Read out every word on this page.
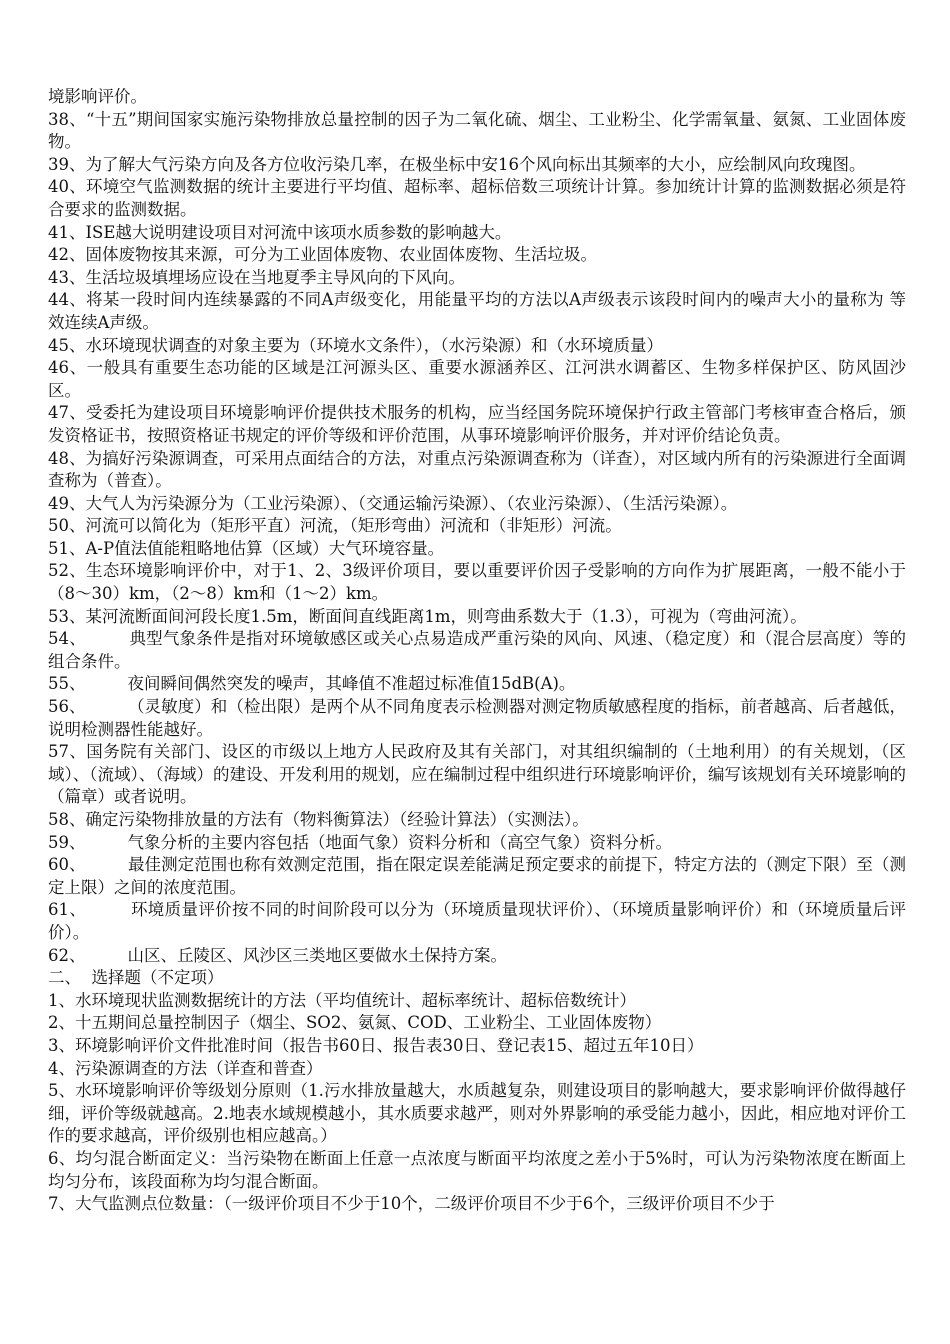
境影响评价。

38、“十五”期间国家实施污染物排放总量控制的因子为二氧化硫、烟尘、工业粉尘、化学需氧量、氨氮、工业固体废物。

39、为了解大气污染方向及各方位收污染几率，在极坐标中安16个风向标出其频率的大小，应绘制风向玫瑰图。

40、环境空气监测数据的统计主要进行平均值、超标率、超标倍数三项统计计算。参加统计计算的监测数据必须是符合要求的监测数据。

41、ISE越大说明建设项目对河流中该项水质参数的影响越大。

42、固体废物按其来源，可分为工业固体废物、农业固体废物、生活垃圾。

43、生活垃圾填埋场应设在当地夏季主导风向的下风向。

44、将某一段时间内连续暴露的不同A声级变化，用能量平均的方法以A声级表示该段时间内的噪声大小的量称为 等效连续A声级。

45、水环境现状调查的对象主要为（环境水文条件），（水污染源）和（水环境质量）

46、一般具有重要生态功能的区域是江河源头区、重要水源涵养区、江河洪水调蓄区、生物多样保护区、防风固沙区。

47、受委托为建设项目环境影响评价提供技术服务的机构，应当经国务院环境保护行政主管部门考核审查合格后，颁发资格证书，按照资格证书规定的评价等级和评价范围，从事环境影响评价服务，并对评价结论负责。

48、为搞好污染源调查，可采用点面结合的方法，对重点污染源调查称为（详查），对区域内所有的污染源进行全面调查称为（普查）。

49、大气人为污染源分为（工业污染源）、（交通运输污染源）、（农业污染源）、（生活污染源）。

50、河流可以简化为（矩形平直）河流，（矩形弯曲）河流和（非矩形）河流。

51、A-P值法值能粗略地估算（区域）大气环境容量。

52、生态环境影响评价中，对于1、2、3级评价项目，要以重要评价因子受影响的方向作为扩展距离，一般不能小于（8～30）km，（2～8）km和（1～2）km。

53、某河流断面间河段长度1.5m，断面间直线距离1m，则弯曲系数大于（1.3），可视为（弯曲河流）。

54、        典型气象条件是指对环境敏感区或关心点易造成严重污染的风向、风速、（稳定度）和（混合层高度）等的组合条件。

55、        夜间瞬间偶然突发的噪声，其峰值不准超过标准值15dB(A)。

56、        （灵敏度）和（检出限）是两个从不同角度表示检测器对测定物质敏感程度的指标，前者越高、后者越低，说明检测器性能越好。

57、国务院有关部门、设区的市级以上地方人民政府及其有关部门，对其组织编制的（土地利用）的有关规划，（区域）、（流域）、（海域）的建设、开发利用的规划，应在编制过程中组织进行环境影响评价，编写该规划有关环境影响的（篇章）或者说明。

58、确定污染物排放量的方法有（物料衡算法）（经验计算法）（实测法）。

59、        气象分析的主要内容包括（地面气象）资料分析和（高空气象）资料分析。

60、        最佳测定范围也称有效测定范围，指在限定误差能满足预定要求的前提下，特定方法的（测定下限）至（测定上限）之间的浓度范围。

61、        环境质量评价按不同的时间阶段可以分为（环境质量现状评价）、（环境质量影响评价）和（环境质量后评价）。

62、        山区、丘陵区、风沙区三类地区要做水土保持方案。

二、  选择题（不定项）

1、水环境现状监测数据统计的方法（平均值统计、超标率统计、超标倍数统计）

2、十五期间总量控制因子（烟尘、SO2、氨氮、COD、工业粉尘、工业固体废物）

3、环境影响评价文件批准时间（报告书60日、报告表30日、登记表15、超过五年10日）

4、污染源调查的方法（详查和普查）

5、水环境影响评价等级划分原则（1.污水排放量越大，水质越复杂，则建设项目的影响越大，要求影响评价做得越仔细，评价等级就越高。2.地表水域规模越小，其水质要求越严，则对外界影响的承受能力越小，因此，相应地对评价工作的要求越高，评价级别也相应越高。）

6、均匀混合断面定义：当污染物在断面上任意一点浓度与断面平均浓度之差小于5%时，可认为污染物浓度在断面上均匀分布，该段面称为均匀混合断面。

7、大气监测点位数量：（一级评价项目不少于10个，二级评价项目不少于6个，三级评价项目不少于
